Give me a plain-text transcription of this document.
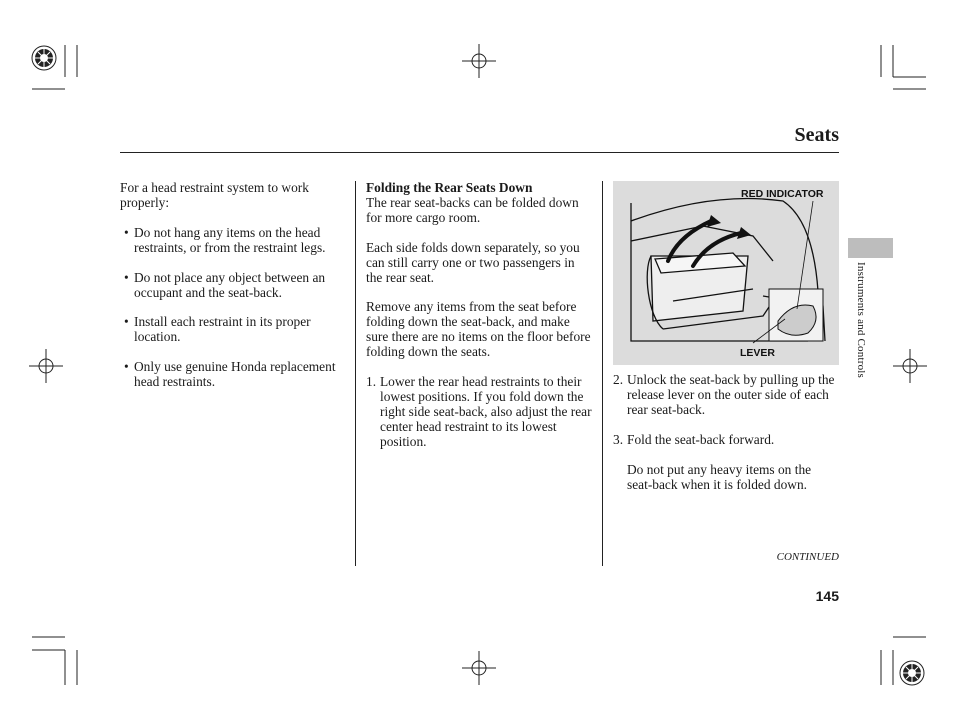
Seats
Instruments and Controls

For a head restraint system to work properly:

• Do not hang any items on the head restraints, or from the restraint legs.

• Do not place any object between an occupant and the seat-back.

• Install each restraint in its proper location.

• Only use genuine Honda replacement head restraints.

Folding the Rear Seats Down

The rear seat-backs can be folded down for more cargo room.

Each side folds down separately, so you can still carry one or two passengers in the rear seat.

Remove any items from the seat before folding down the seat-back, and make sure there are no items on the floor before folding down the seats.

1. Lower the rear head restraints to their lowest positions. If you fold down the right side seat-back, also adjust the rear center head restraint to its lowest position.

RED INDICATOR
LEVER

2. Unlock the seat-back by pulling up the release lever on the outer side of each rear seat-back.

3. Fold the seat-back forward.

Do not put any heavy items on the seat-back when it is folded down.

CONTINUED
145
